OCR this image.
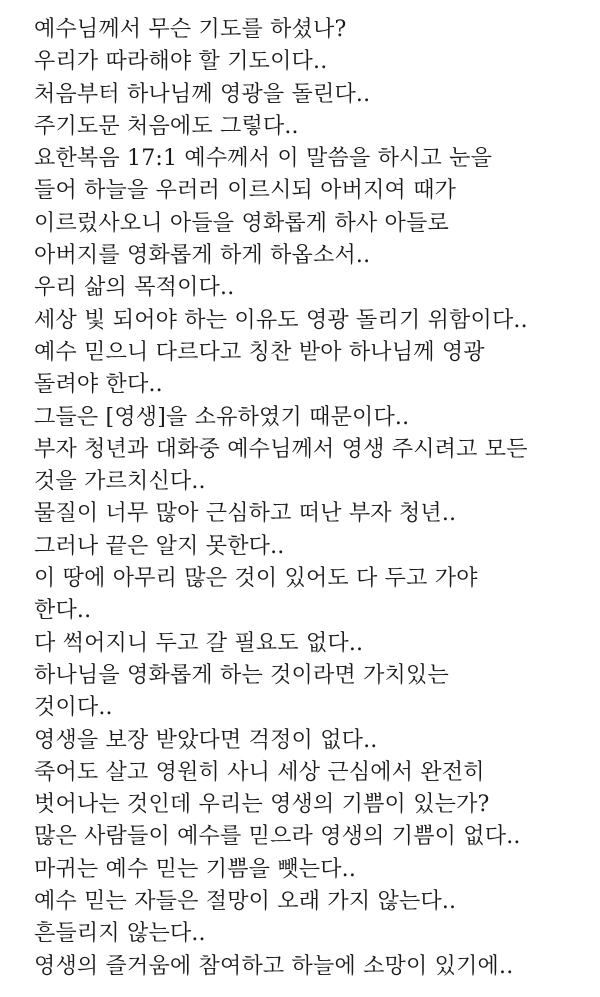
예수님께서 무슨 기도를 하셨나?

우리가 따라해야 할 기도이다..

처음부터 하나님께 영광을 돌린다..

주기도문 처음에도 그렇다..

요한복음 17:1 예수께서 이 말씀을 하시고 눈을

들어 하늘을 우러러 이르시되 아버지여 때가

이르렀사오니 아들을 영화롭게 하사 아들로

아버지를 영화롭게 하게 하옵소서..

우리 삶의 목적이다..

세상 빛 되어야 하는 이유도 영광 돌리기 위함이다..

예수 믿으니 다르다고 칭찬 받아 하나님께 영광

돌려야 한다..

그들은 [영생]을 소유하였기 때문이다..

부자 청년과 대화중 예수님께서 영생 주시려고 모든

것을 가르치신다..

물질이 너무 많아 근심하고 떠난 부자 청년..

그러나 끝은 알지 못한다..

이 땅에 아무리 많은 것이 있어도 다 두고 가야

한다..

다 썩어지니 두고 갈 필요도 없다..

하나님을 영화롭게 하는 것이라면 가치있는

것이다..

영생을 보장 받았다면 걱정이 없다..

죽어도 살고 영원히 사니 세상 근심에서 완전히

벗어나는 것인데 우리는 영생의 기쁨이 있는가?

많은 사람들이 예수를 믿으라 영생의 기쁨이 없다..

마귀는 예수 믿는 기쁨을 뺏는다..

예수 믿는 자들은 절망이 오래 가지 않는다..

흔들리지 않는다..

영생의 즐거움에 참여하고 하늘에 소망이 있기에..
